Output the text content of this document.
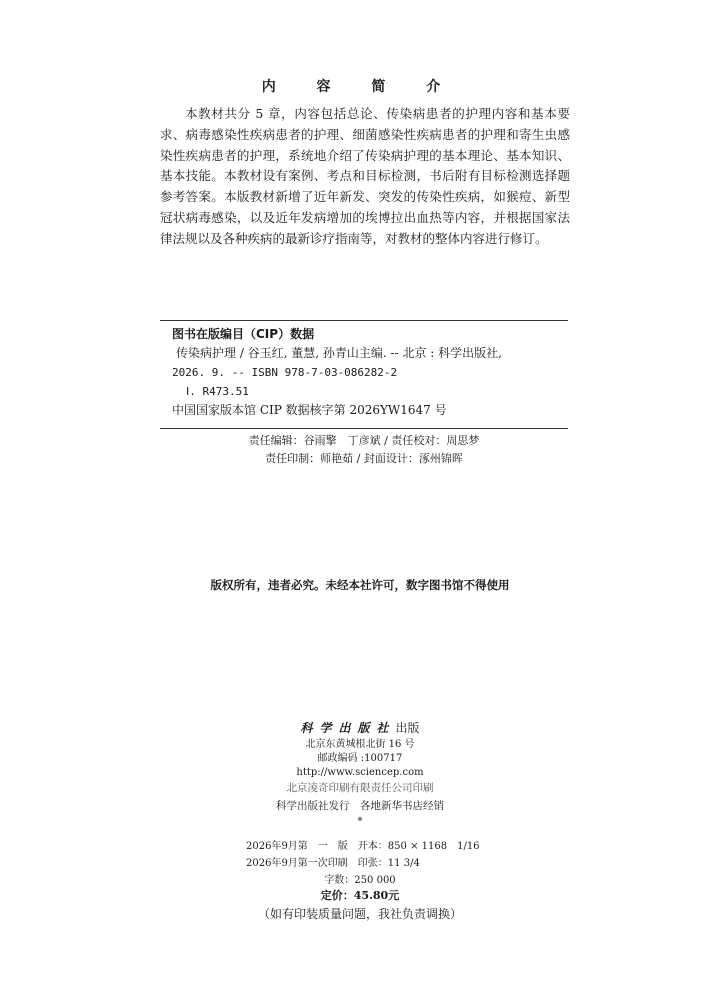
内 容 简 介

本教材共分 5 章，内容包括总论、传染病患者的护理内容和基本要求、病毒感染性疾病患者的护理、细菌感染性疾病患者的护理和寄生虫感染性疾病患者的护理，系统地介绍了传染病护理的基本理论、基本知识、基本技能。本教材设有案例、考点和目标检测，书后附有目标检测选择题参考答案。本版教材新增了近年新发、突发的传染性疾病，如猴痘、新型冠状病毒感染，以及近年发病增加的埃博拉出血热等内容，并根据国家法律法规以及各种疾病的最新诊疗指南等，对教材的整体内容进行修订。

图书在版编目（CIP）数据
传染病护理 / 谷玉红, 董慧, 孙青山主编. -- 北京 : 科学出版社,
2026. 9. -- ISBN 978-7-03-086282-2
Ⅰ. R473.51
中国国家版本馆 CIP 数据核字第 2026YW1647 号
责任编辑：谷雨擎　丁彦斌 / 责任校对：周思梦
责任印制：师艳茹 / 封面设计：涿州锦晖
版权所有，违者必究。未经本社许可，数字图书馆不得使用
科学出版社出版
北京东黄城根北街 16 号
邮政编码 :100717
http://www.sciencep.com
北京凌奇印刷有限责任公司印刷
科学出版社发行　各地新华书店经销
*
2026年9月第　一　版　开本：850 × 1168　1/16
2026年9月第一次印刷　印张：11 3/4
字数：250 000
定价：45.80元
（如有印装质量问题，我社负责调换）
